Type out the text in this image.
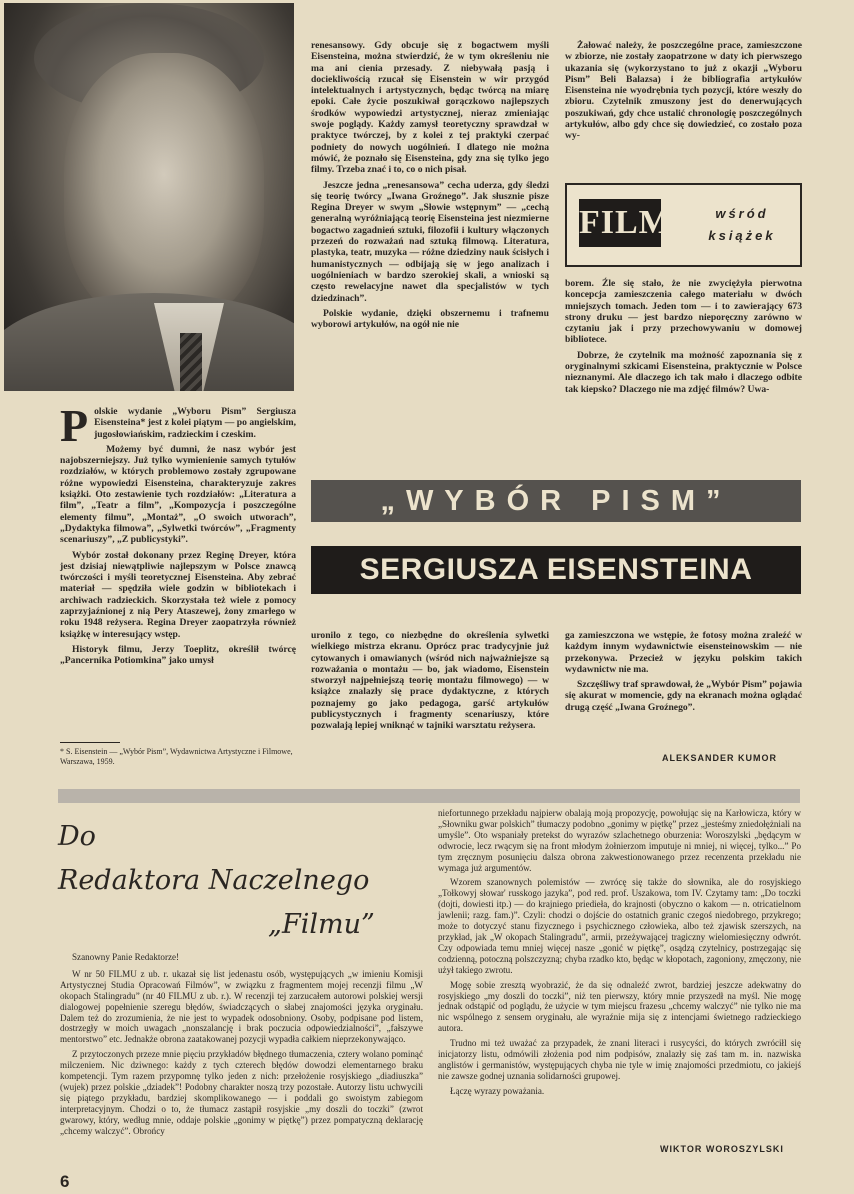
Polskie wydanie „Wyboru Pism” Sergiusza Eisensteina* jest z kolei piątym — po angielskim, jugosłowiańskim, radzieckim i czeskim.

Możemy być dumni, że nasz wybór jest najobszerniejszy. Już tylko wymienienie samych tytułów rozdziałów, w których problemowo zostały zgrupowane różne wypowiedzi Eisensteina, charakteryzuje zakres książki. Oto zestawienie tych rozdziałów: „Literatura a film”, „Teatr a film”, „Kompozycja i poszczególne elementy filmu”, „Montaż”, „O swoich utworach”, „Dydaktyka filmowa”, „Sylwetki twórców”, „Fragmenty scenariuszy”, „Z publicystyki”.

Wybór został dokonany przez Reginę Dreyer, która jest dzisiaj niewątpliwie najlepszym w Polsce znawcą twórczości i myśli teoretycznej Eisensteina. Aby zebrać materiał — spędziła wiele godzin w bibliotekach i archiwach radzieckich. Skorzystała też wiele z pomocy zaprzyjaźnionej z nią Pery Ataszewej, żony zmarłego w roku 1948 reżysera. Regina Dreyer zaopatrzyła również książkę w interesujący wstęp.

Historyk filmu, Jerzy Toeplitz, określił twórcę „Pancernika Potiomkina” jako umysł

renesansowy. Gdy obcuje się z bogactwem myśli Eisensteina, można stwierdzić, że w tym określeniu nie ma ani cienia przesady. Z niebywałą pasją i dociekliwością rzucał się Eisenstein w wir przygód intelektualnych i artystycznych, będąc twórcą na miarę epoki. Całe życie poszukiwał gorączkowo najlepszych środków wypowiedzi artystycznej, nieraz zmieniając swoje poglądy. Każdy zamysł teoretyczny sprawdzał w praktyce twórczej, by z kolei z tej praktyki czerpać podniety do nowych uogólnień. I dlatego nie można mówić, że poznało się Eisensteina, gdy zna się tylko jego filmy. Trzeba znać i to, co o nich pisał.

Jeszcze jedna „renesansowa” cecha uderza, gdy śledzi się teorię twórcy „Iwana Groźnego”. Jak słusznie pisze Regina Dreyer w swym „Słowie wstępnym” — „cechą generalną wyróżniającą teorię Eisensteina jest niezmierne bogactwo zagadnień sztuki, filozofii i kultury włączonych przezeń do rozważań nad sztuką filmową. Literatura, plastyka, teatr, muzyka — różne dziedziny nauk ścisłych i humanistycznych — odbijają się w jego analizach i uogólnieniach w bardzo szerokiej skali, a wnioski są często rewelacyjne nawet dla specjalistów w tych dziedzinach”.

Polskie wydanie, dzięki obszernemu i trafnemu wyborowi artykułów, na ogół nie nie

Żałować należy, że poszczególne prace, zamieszczone w zbiorze, nie zostały zaopatrzone w daty ich pierwszego ukazania się (wykorzystano to już z okazji „Wyboru Pism” Beli Balazsa) i że bibliografia artykułów Eisensteina nie wyodrębnia tych pozycji, które weszły do zbioru. Czytelnik zmuszony jest do denerwujących poszukiwań, gdy chce ustalić chronologię poszczególnych artykułów, albo gdy chce się dowiedzieć, co zostało poza wy-

FILM	wśród
książek

borem. Źle się stało, że nie zwyciężyła pierwotna koncepcja zamieszczenia całego materiału w dwóch mniejszych tomach. Jeden tom — i to zawierający 673 strony druku — jest bardzo nieporęczny zarówno w czytaniu jak i przy przechowywaniu w domowej bibliotece.

Dobrze, że czytelnik ma możność zapoznania się z oryginalnymi szkicami Eisensteina, praktycznie w Polsce nieznanymi. Ale dlaczego ich tak mało i dlaczego odbite tak kiepsko? Dlaczego nie ma zdjęć filmów? Uwa-

„WYBÓR PISM”
SERGIUSZA EISENSTEINA

uronilo z tego, co niezbędne do określenia sylwetki wielkiego mistrza ekranu. Oprócz prac tradycyjnie już cytowanych i omawianych (wśród nich najważniejsze są rozważania o montażu — bo, jak wiadomo, Eisenstein stworzył najpełniejszą teorię montażu filmowego) — w książce znalazły się prace dydaktyczne, z których poznajemy go jako pedagoga, garść artykułów publicystycznych i fragmenty scenariuszy, które pozwalają lepiej wniknąć w tajniki warsztatu reżysera.

ga zamieszczona we wstępie, że fotosy można zraleźć w każdym innym wydawnictwie eisensteinowskim — nie przekonywa. Przecież w języku polskim takich wydawnictw nie ma.

Szczęśliwy traf sprawdował, że „Wybór Pism” pojawia się akurat w momencie, gdy na ekranach można oglądać drugą część „Iwana Groźnego”.

ALEKSANDER KUMOR
* S. Eisenstein — „Wybór Pism”, Wydawnictwa Artystyczne i Filmowe, Warszawa, 1959.
Do
Redaktora Naczelnego
„Filmu”

Szanowny Panie Redaktorze!

W nr 50 FILMU z ub. r. ukazał się list jedenastu osób, występujących „w imieniu Komisji Artystycznej Studia Opracowań Filmów”, w związku z fragmentem mojej recenzji filmu „W okopach Stalingradu” (nr 40 FILMU z ub. r.). W recenzji tej zarzucałem autorowi polskiej wersji dialogowej popełnienie szeregu błędów, świadczących o słabej znajomości języka oryginału. Dalem też do zrozumienia, że nie jest to wypadek odosobniony. Osoby, podpisane pod listem, dostrzegły w moich uwagach „nonszalancję i brak poczucia odpowiedzialności”, „fałszywe mentorstwo” etc. Jednakże obrona zaatakowanej pozycji wypadła całkiem nieprzekonywająco.

Z przytoczonych przeze mnie pięciu przykładów błędnego tłumaczenia, cztery wolano pominąć milczeniem. Nic dziwnego: każdy z tych czterech błędów dowodzi elementarnego braku kompetencji. Tym razem przypomnę tylko jeden z nich: przełożenie rosyjskiego „diadiuszka” (wujek) przez polskie „dziadek”! Podobny charakter noszą trzy pozostałe. Autorzy listu uchwycili się piątego przykładu, bardziej skomplikowanego — i poddali go swoistym zabiegom interpretacyjnym. Chodzi o to, że tłumacz zastąpił rosyjskie „my doszli do toczki” (zwrot gwarowy, który, według mnie, oddaje polskie „gonimy w piętkę”) przez pompatyczną deklarację „chcemy walczyć”. Obrońcy

niefortunnego przekładu najpierw obalają moją propozycję, powołując się na Karłowicza, który w „Słowniku gwar polskich” tłumaczy podobno „gonimy w piętkę” przez „jesteśmy zniedołężniali na umyśle”. Oto wspaniały pretekst do wyrazów szlachetnego oburzenia: Woroszylski „będącym w odwrocie, lecz rwącym się na front młodym żołnierzom imputuje ni mniej, ni więcej, tylko...” Po tym zręcznym posunięciu dalsza obrona zakwestionowanego przez recenzenta przekładu nie wymaga już argumentów.

Wzorem szanownych polemistów — zwrócę się także do słownika, ale do rosyjskiego „Tołkowyj słowar' russkogo jazyka”, pod red. prof. Uszakowa, tom IV. Czytamy tam: „Do toczki (dojti, dowiesti itp.) — do krajniego priedieła, do krajnosti (obyczno o kakom — n. otricatielnom jawlenii; razg. fam.)”. Czyli: chodzi o dojście do ostatnich granic czegoś niedobrego, przykrego; może to dotyczyć stanu fizycznego i psychicznego człowieka, albo też zjawisk szerszych, na przykład, jak „W okopach Stalingradu”, armii, przeżywającej tragiczny wielomiesięczny odwrót. Czy odpowiada temu mniej więcej nasze „gonić w piętkę”, osądzą czytelnicy, postrzegając się codzienną, potoczną polszczyzną; chyba rzadko kto, będąc w kłopotach, zagoniony, zmęczony, nie użył takiego zwrotu.

Mogę sobie zresztą wyobrazić, że da się odnaleźć zwrot, bardziej jeszcze adekwatny do rosyjskiego „my doszli do toczki”, niż ten pierwszy, który mnie przyszedł na myśl. Nie mogę jednak odstąpić od poglądu, że użycie w tym miejscu frazesu „chcemy walczyć” nie tylko nie ma nic wspólnego z sensem oryginału, ale wyraźnie mija się z intencjami świetnego radzieckiego autora.

Trudno mi też uważać za przypadek, że znani literaci i rusycyści, do których zwróciłl się inicjatorzy listu, odmówili złożenia pod nim podpisów, znalazły się zaś tam m. in. nazwiska anglistów i germanistów, występujących chyba nie tyle w imię znajomości przedmiotu, co jakiejś nie zawsze godnej uznania solidarności grupowej.

Łączę wyrazy poważania.

WIKTOR WOROSZYLSKI
6
